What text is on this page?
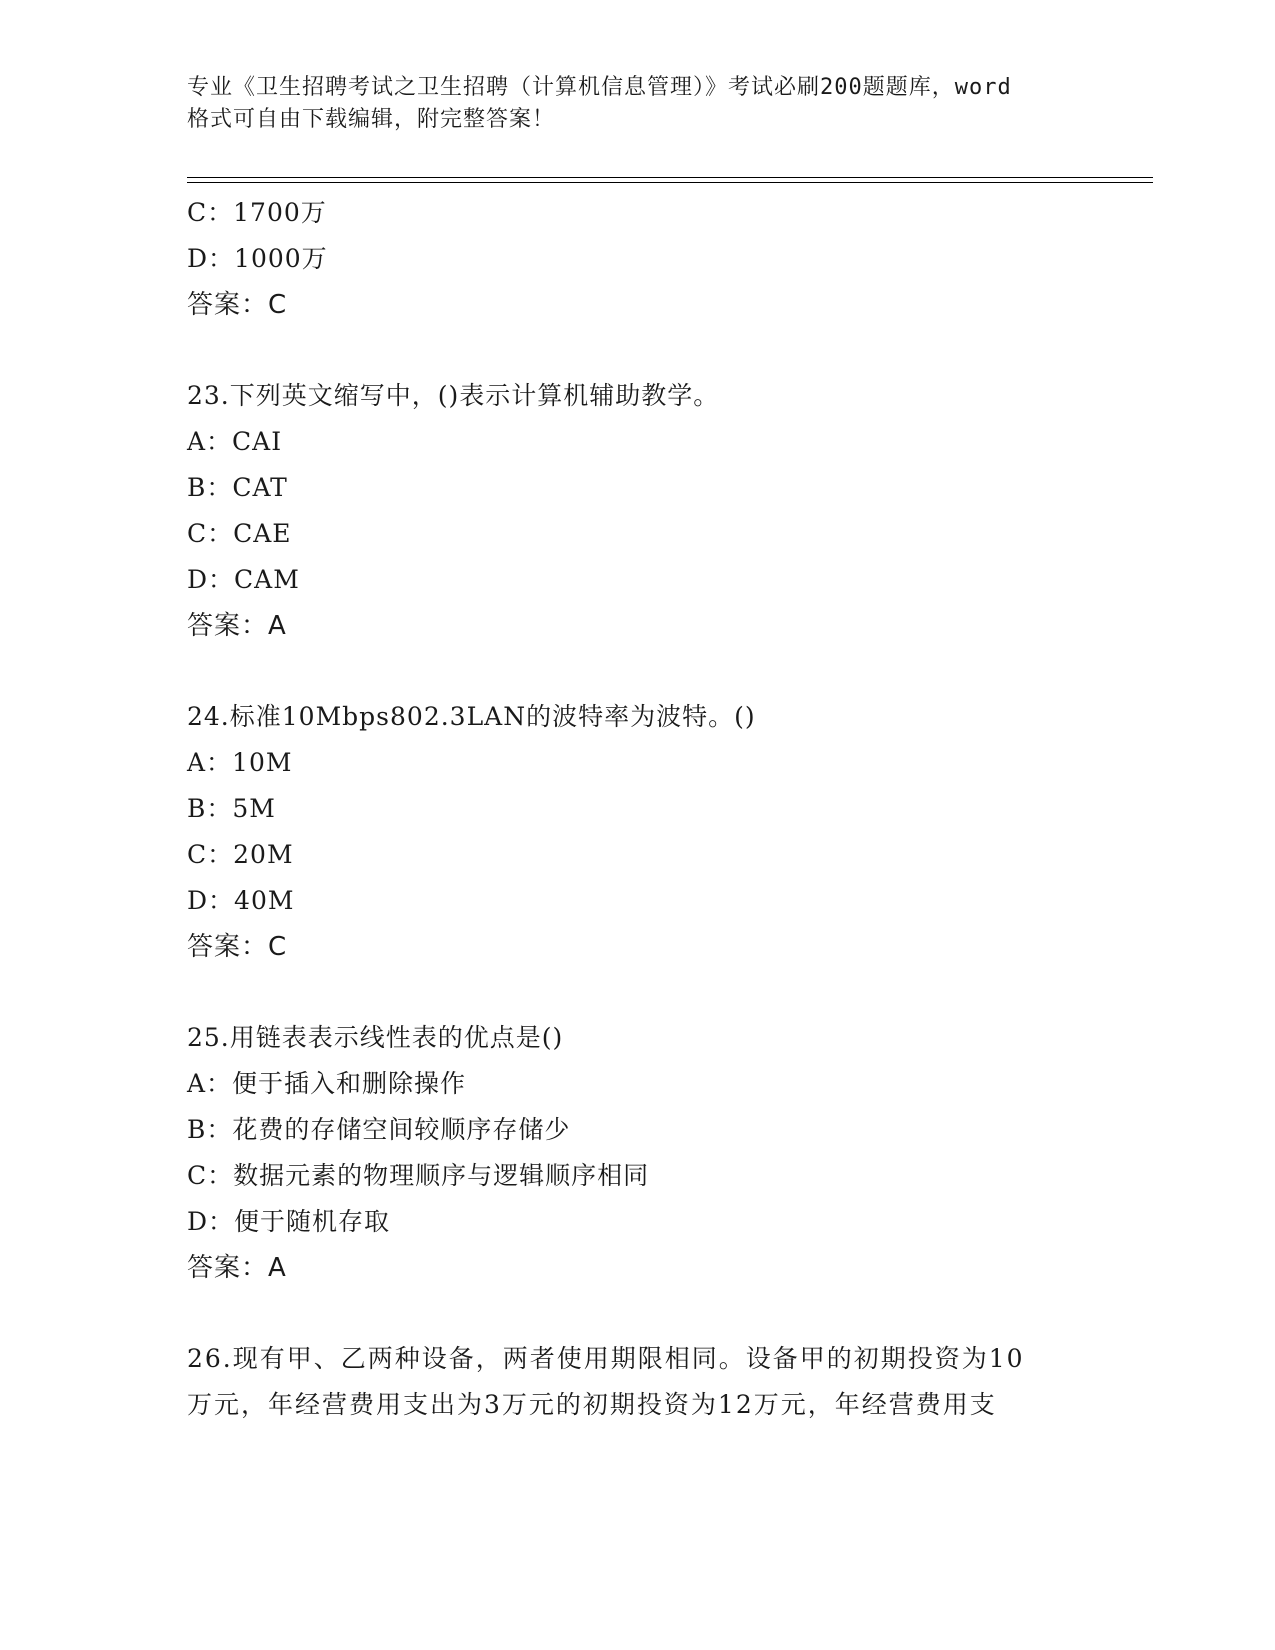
专业《卫生招聘考试之卫生招聘（计算机信息管理）》考试必刷200题题库，word
格式可自由下载编辑，附完整答案！
C：1700万
D：1000万
答案：C
23.下列英文缩写中，()表示计算机辅助教学。
A：CAI
B：CAT
C：CAE
D：CAM
答案：A
24.标准10Mbps802.3LAN的波特率为波特。()
A：10M
B：5M
C：20M
D：40M
答案：C
25.用链表表示线性表的优点是()
A：便于插入和删除操作
B：花费的存储空间较顺序存储少
C：数据元素的物理顺序与逻辑顺序相同
D：便于随机存取
答案：A
26.现有甲、乙两种设备，两者使用期限相同。设备甲的初期投资为10
万元，年经营费用支出为3万元的初期投资为12万元，年经营费用支
